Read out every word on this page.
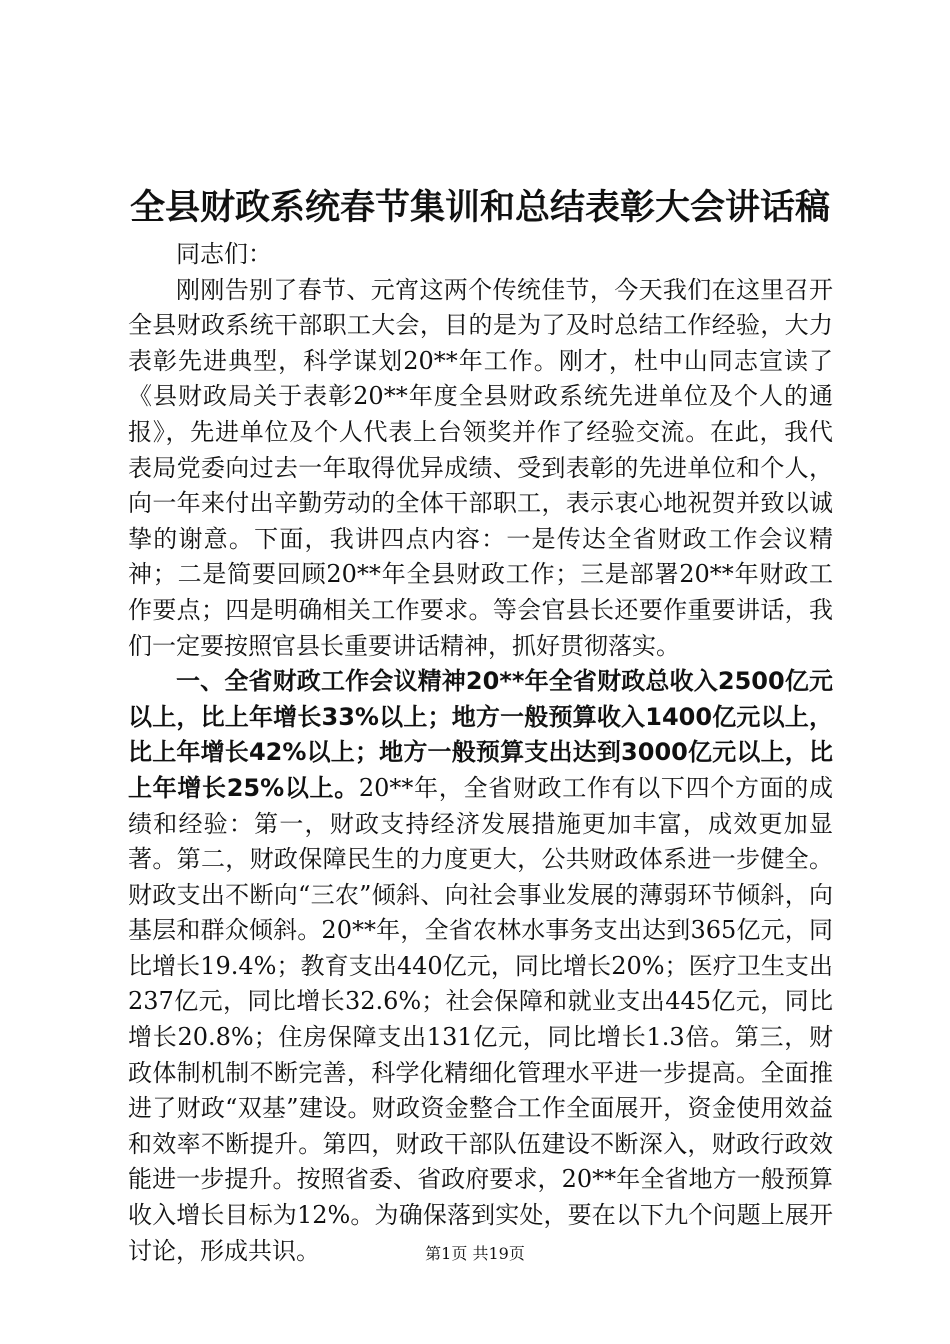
全县财政系统春节集训和总结表彰大会讲话稿

同志们：

刚刚告别了春节、元宵这两个传统佳节，今天我们在这里召开全县财政系统干部职工大会，目的是为了及时总结工作经验，大力表彰先进典型，科学谋划20**年工作。刚才，杜中山同志宣读了《县财政局关于表彰20**年度全县财政系统先进单位及个人的通报》，先进单位及个人代表上台领奖并作了经验交流。在此，我代表局党委向过去一年取得优异成绩、受到表彰的先进单位和个人，向一年来付出辛勤劳动的全体干部职工，表示衷心地祝贺并致以诚挚的谢意。下面，我讲四点内容：一是传达全省财政工作会议精神；二是简要回顾20**年全县财政工作；三是部署20**年财政工作要点；四是明确相关工作要求。等会官县长还要作重要讲话，我们一定要按照官县长重要讲话精神，抓好贯彻落实。

一、全省财政工作会议精神20**年全省财政总收入2500亿元以上，比上年增长33%以上；地方一般预算收入1400亿元以上，比上年增长42%以上；地方一般预算支出达到3000亿元以上，比上年增长25%以上。20**年，全省财政工作有以下四个方面的成绩和经验：第一，财政支持经济发展措施更加丰富，成效更加显著。第二，财政保障民生的力度更大，公共财政体系进一步健全。财政支出不断向“三农”倾斜、向社会事业发展的薄弱环节倾斜，向基层和群众倾斜。20**年，全省农林水事务支出达到365亿元，同比增长19.4%；教育支出440亿元，同比增长20%；医疗卫生支出237亿元，同比增长32.6%；社会保障和就业支出445亿元，同比增长20.8%；住房保障支出131亿元，同比增长1.3倍。第三，财政体制机制不断完善，科学化精细化管理水平进一步提高。全面推进了财政“双基”建设。财政资金整合工作全面展开，资金使用效益和效率不断提升。第四，财政干部队伍建设不断深入，财政行政效能进一步提升。按照省委、省政府要求，20**年全省地方一般预算收入增长目标为12%。为确保落到实处，要在以下九个问题上展开讨论，形成共识。	第1页 共19页
